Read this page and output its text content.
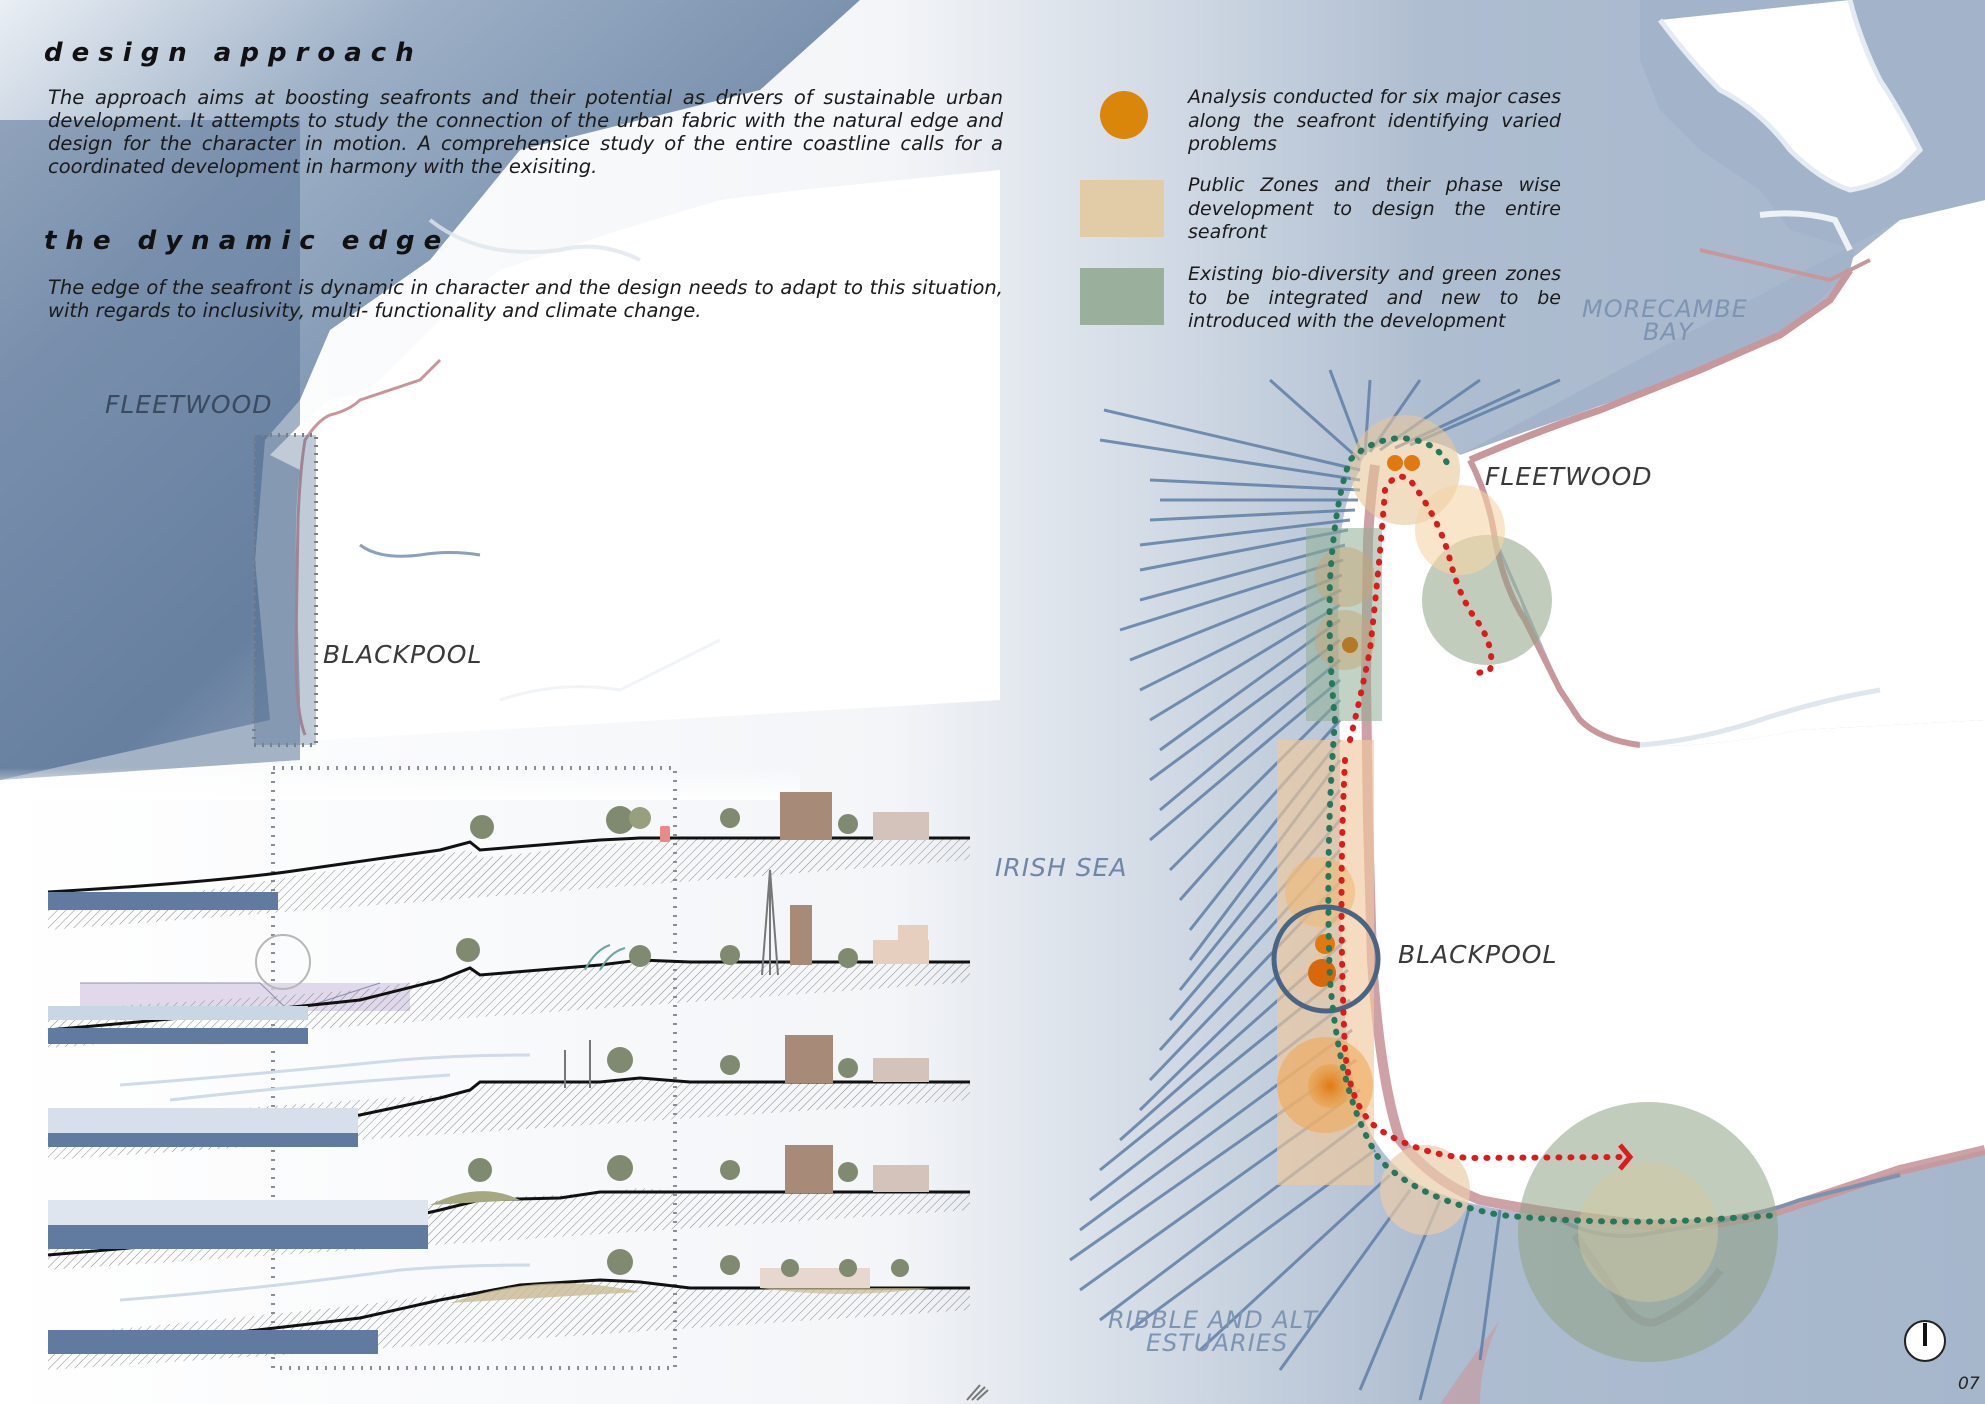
design approach
The approach aims at boosting seafronts and their potential as drivers of sustainable urban development. It attempts to study the connection of the urban fabric with the natural edge and design for the character in motion. A comprehensice study of the entire coastline calls for a coordinated development in harmony with the exisiting.
the dynamic edge
The edge of the seafront is dynamic in character and the design needs to adapt to this situation, with regards to inclusivity, multi- functionality and climate change.
Analysis conducted for six major cases along the seafront identifying varied problems
Public Zones and their phase wise development to design the entire seafront
Existing bio-diversity and green zones to be integrated and new to be introduced with the development
FLEETWOOD
BLACKPOOL
FLEETWOOD
BLACKPOOL
MORECAMBE
BAY
IRISH SEA
RIBBLE AND ALT
ESTUARIES
07
